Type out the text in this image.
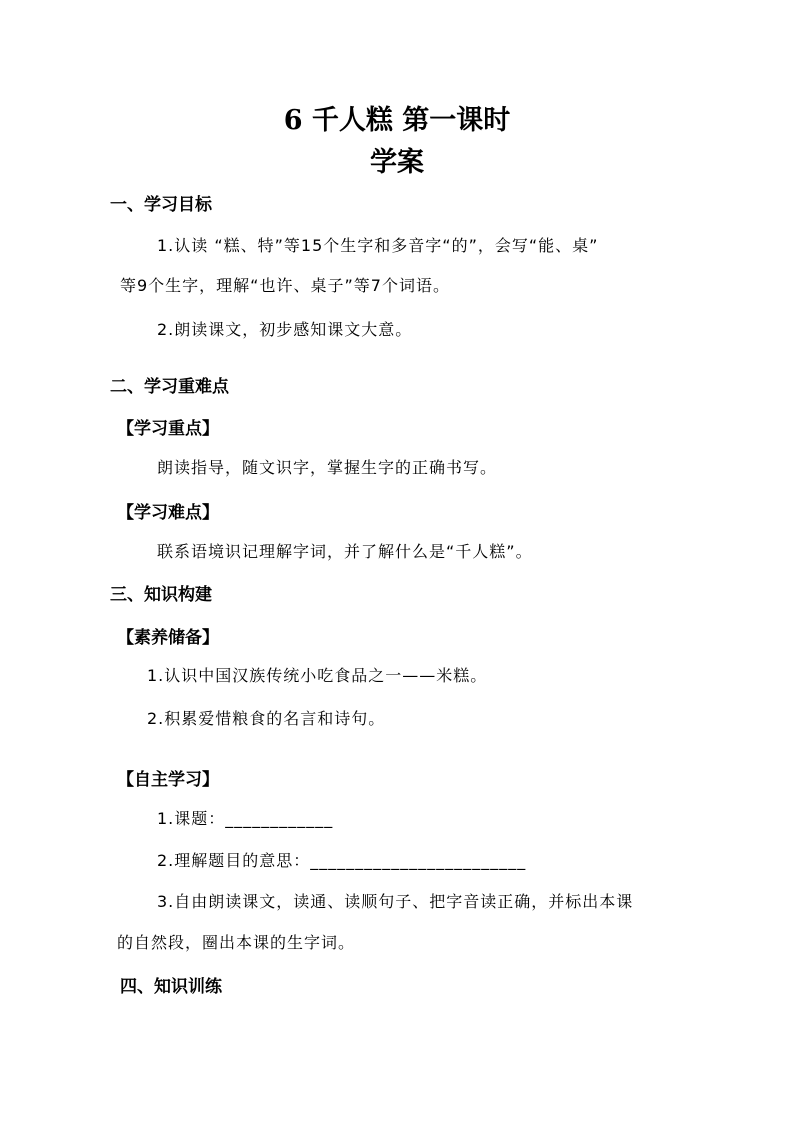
6 千人糕 第一课时
学案
一、学习目标
1.认读 “糕、特”等15个生字和多音字“的”，会写“能、桌”
等9个生字，理解“也许、桌子”等7个词语。
2.朗读课文，初步感知课文大意。
二、学习重难点
【学习重点】
朗读指导，随文识字，掌握生字的正确书写。
【学习难点】
联系语境识记理解字词，并了解什么是“千人糕”。
三、知识构建
【素养储备】
1.认识中国汉族传统小吃食品之一——米糕。
2.积累爱惜粮食的名言和诗句。
【自主学习】
1.课题：____________
2.理解题目的意思：________________________
3.自由朗读课文，读通、读顺句子、把字音读正确，并标出本课
的自然段，圈出本课的生字词。
四、知识训练
